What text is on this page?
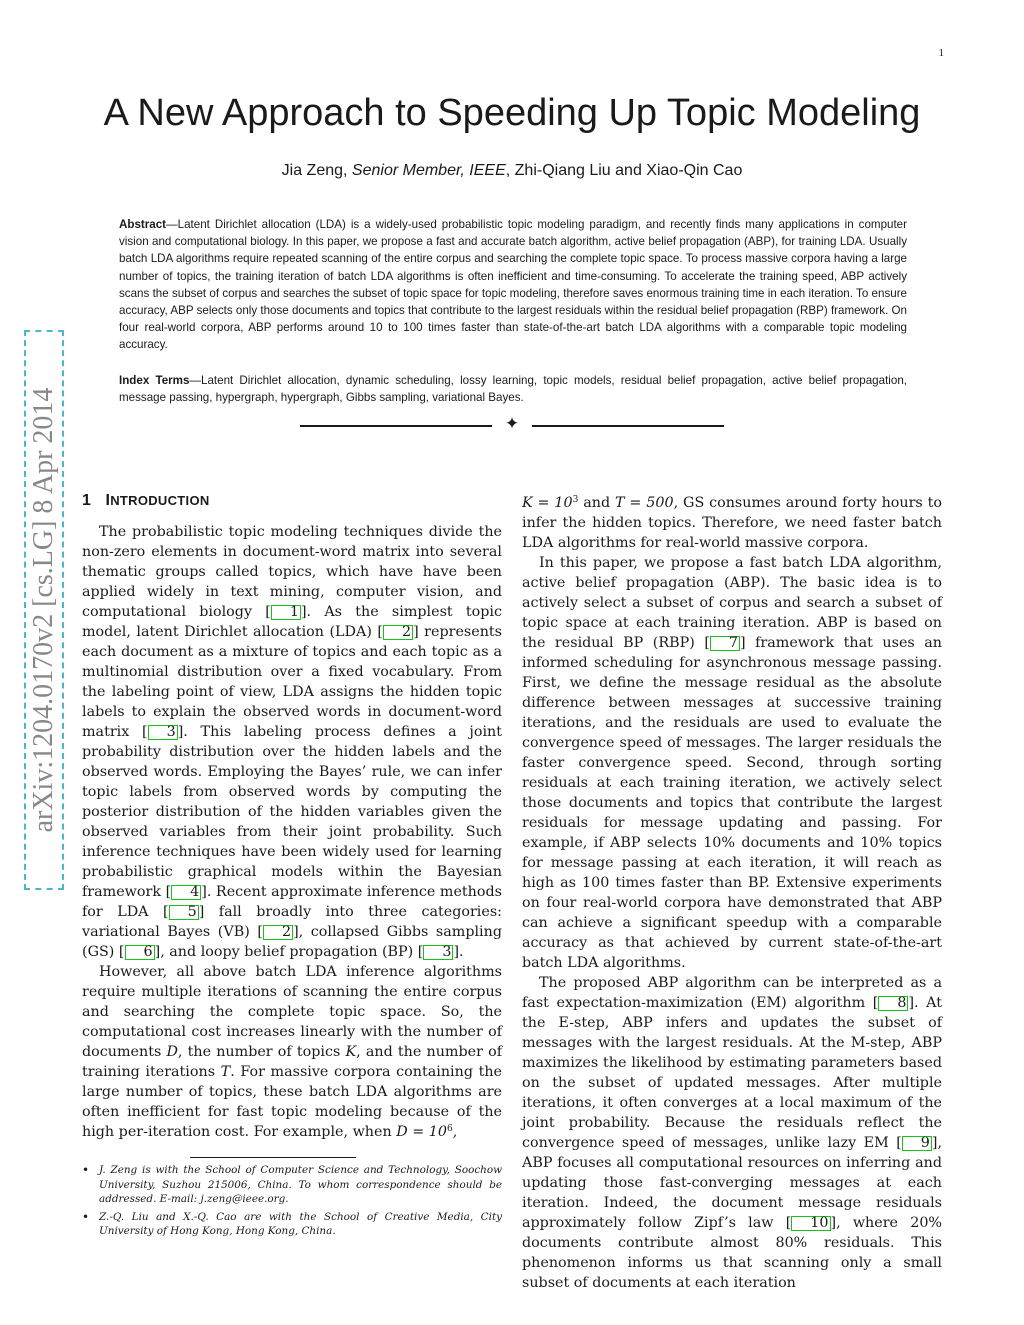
1
arXiv:1204.0170v2 [cs.LG] 8 Apr 2014
A New Approach to Speeding Up Topic Modeling
Jia Zeng, Senior Member, IEEE, Zhi-Qiang Liu and Xiao-Qin Cao

Abstract—Latent Dirichlet allocation (LDA) is a widely-used probabilistic topic modeling paradigm, and recently finds many applications in computer vision and computational biology. In this paper, we propose a fast and accurate batch algorithm, active belief propagation (ABP), for training LDA. Usually batch LDA algorithms require repeated scanning of the entire corpus and searching the complete topic space. To process massive corpora having a large number of topics, the training iteration of batch LDA algorithms is often inefficient and time-consuming. To accelerate the training speed, ABP actively scans the subset of corpus and searches the subset of topic space for topic modeling, therefore saves enormous training time in each iteration. To ensure accuracy, ABP selects only those documents and topics that contribute to the largest residuals within the residual belief propagation (RBP) framework. On four real-world corpora, ABP performs around 10 to 100 times faster than state-of-the-art batch LDA algorithms with a comparable topic modeling accuracy.

Index Terms—Latent Dirichlet allocation, dynamic scheduling, lossy learning, topic models, residual belief propagation, active belief propagation, message passing, hypergraph, hypergraph, Gibbs sampling, variational Bayes.

✦
1 INTRODUCTION

The probabilistic topic modeling techniques divide the non-zero elements in document-word matrix into several thematic groups called topics, which have have been applied widely in text mining, computer vision, and computational biology [ 1 ]. As the simplest topic model, latent Dirichlet allocation (LDA) [ 2 ] represents each document as a mixture of topics and each topic as a multinomial distribution over a fixed vocabulary. From the labeling point of view, LDA assigns the hidden topic labels to explain the observed words in document-word matrix [ 3 ]. This labeling process defines a joint probability distribution over the hidden labels and the observed words. Employing the Bayes’ rule, we can infer topic labels from observed words by computing the posterior distribution of the hidden variables given the observed variables from their joint probability. Such inference techniques have been widely used for learning probabilistic graphical models within the Bayesian framework [ 4 ]. Recent approximate inference methods for LDA [ 5 ] fall broadly into three categories: variational Bayes (VB) [ 2 ], collapsed Gibbs sampling (GS) [ 6 ], and loopy belief propagation (BP) [ 3 ].

However, all above batch LDA inference algorithms require multiple iterations of scanning the entire corpus and searching the complete topic space. So, the computational cost increases linearly with the number of documents D, the number of topics K, and the number of training iterations T. For massive corpora containing the large number of topics, these batch LDA algorithms are often inefficient for fast topic modeling because of the high per-iteration cost. For example, when $D = 10^6$,

• J. Zeng is with the School of Computer Science and Technology, Soochow University, Suzhou 215006, China. To whom correspondence should be addressed. E-mail: j.zeng@ieee.org.
• Z.-Q. Liu and X.-Q. Cao are with the School of Creative Media, City University of Hong Kong, Hong Kong, China.

$K = 10^3$ and T = 500, GS consumes around forty hours to infer the hidden topics. Therefore, we need faster batch LDA algorithms for real-world massive corpora.

In this paper, we propose a fast batch LDA algorithm, active belief propagation (ABP). The basic idea is to actively select a subset of corpus and search a subset of topic space at each training iteration. ABP is based on the residual BP (RBP) [ 7 ] framework that uses an informed scheduling for asynchronous message passing. First, we define the message residual as the absolute difference between messages at successive training iterations, and the residuals are used to evaluate the convergence speed of messages. The larger residuals the faster convergence speed. Second, through sorting residuals at each training iteration, we actively select those documents and topics that contribute the largest residuals for message updating and passing. For example, if ABP selects 10% documents and 10% topics for message passing at each iteration, it will reach as high as 100 times faster than BP. Extensive experiments on four real-world corpora have demonstrated that ABP can achieve a significant speedup with a comparable accuracy as that achieved by current state-of-the-art batch LDA algorithms.

The proposed ABP algorithm can be interpreted as a fast expectation-maximization (EM) algorithm [ 8 ]. At the E-step, ABP infers and updates the subset of messages with the largest residuals. At the M-step, ABP maximizes the likelihood by estimating parameters based on the subset of updated messages. After multiple iterations, it often converges at a local maximum of the joint probability. Because the residuals reflect the convergence speed of messages, unlike lazy EM [ 9 ], ABP focuses all computational resources on inferring and updating those fast-converging messages at each iteration. Indeed, the document message residuals approximately follow Zipf’s law [ 10 ], where 20% documents contribute almost 80% residuals. This phenomenon informs us that scanning only a small subset of documents at each iteration
